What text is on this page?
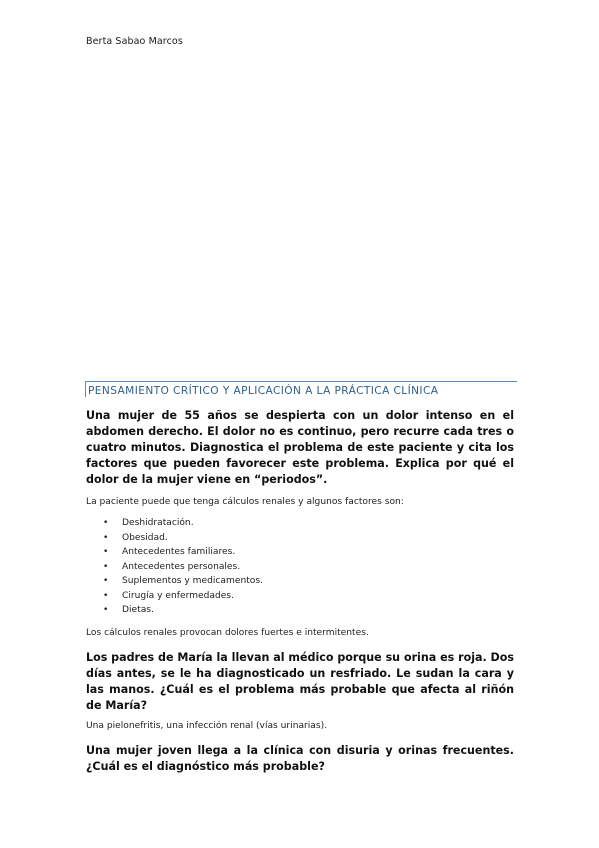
Berta Sabao Marcos
PENSAMIENTO CRÍTICO Y APLICACIÓN A LA PRÁCTICA CLÍNICA
Una mujer de 55 años se despierta con un dolor intenso en el abdomen derecho. El dolor no es continuo, pero recurre cada tres o cuatro minutos. Diagnostica el problema de este paciente y cita los factores que pueden favorecer este problema. Explica por qué el dolor de la mujer viene en “periodos”.
La paciente puede que tenga cálculos renales y algunos factores son:
• Deshidratación.
• Obesidad.
• Antecedentes familiares.
• Antecedentes personales.
• Suplementos y medicamentos.
• Cirugía y enfermedades.
• Dietas.
Los cálculos renales provocan dolores fuertes e intermitentes.
Los padres de María la llevan al médico porque su orina es roja. Dos días antes, se le ha diagnosticado un resfriado. Le sudan la cara y las manos. ¿Cuál es el problema más probable que afecta al riñón de María?
Una pielonefritis, una infección renal (vías urinarias).
Una mujer joven llega a la clínica con disuria y orinas frecuentes. ¿Cuál es el diagnóstico más probable?
